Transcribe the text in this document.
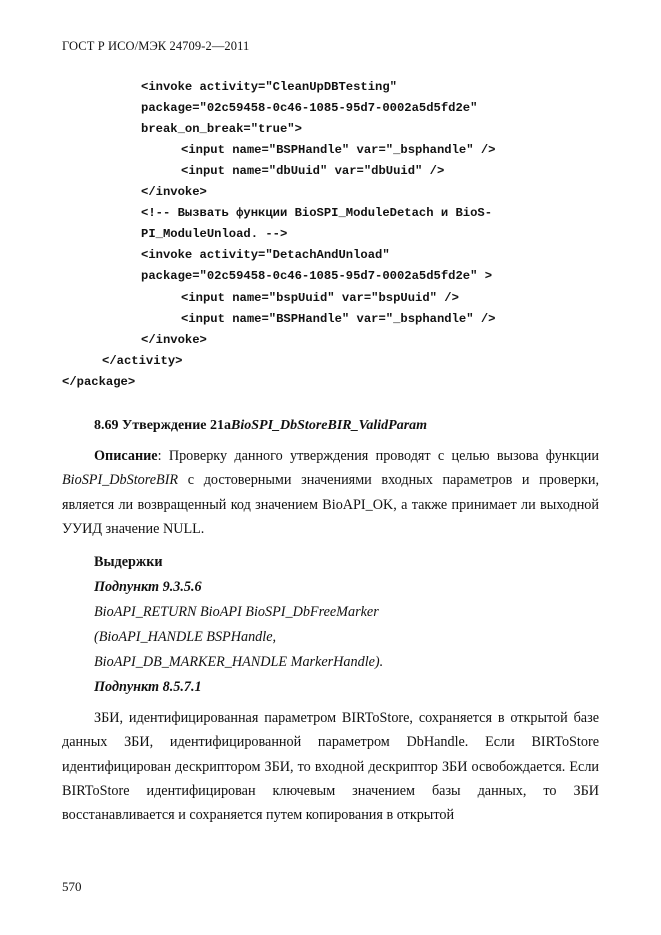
ГОСТ Р ИСО/МЭК 24709-2—2011
<invoke activity="CleanUpDBTesting"
package="02c59458-0c46-1085-95d7-0002a5d5fd2e"
break_on_break="true">
<input name="BSPHandle" var="_bsphandle" />
<input name="dbUuid" var="dbUuid" />
</invoke>
<!-- Вызвать функции BioSPI_ModuleDetach и BioS-
PI_ModuleUnload. -->
<invoke activity="DetachAndUnload"
package="02c59458-0c46-1085-95d7-0002a5d5fd2e" >
<input name="bspUuid" var="bspUuid" />
<input name="BSPHandle" var="_bsphandle" />
</invoke>
</activity>
</package>
8.69 Утверждение 21aBioSPI_DbStoreBIR_ValidParam
Описание: Проверку данного утверждения проводят с целью вызова функции BioSPI_DbStoreBIR с достоверными значениями входных параметров и проверки, является ли возвращенный код значением BioAPI_OK, а также принимает ли выходной УУИД значение NULL.
Выдержки
Подпункт 9.3.5.6
BioAPI_RETURN BioAPI BioSPI_DbFreeMarker
(BioAPI_HANDLE BSPHandle,
BioAPI_DB_MARKER_HANDLE MarkerHandle).
Подпункт 8.5.7.1
ЗБИ, идентифицированная параметром BIRToStore, сохраняется в открытой базе данных ЗБИ, идентифицированной параметром DbHandle. Если BIRToStore идентифицирован дескриптором ЗБИ, то входной дескриптор ЗБИ освобождается. Если BIRToStore идентифицирован ключевым значением базы данных, то ЗБИ восстанавливается и сохраняется путем копирования в открытой
570
